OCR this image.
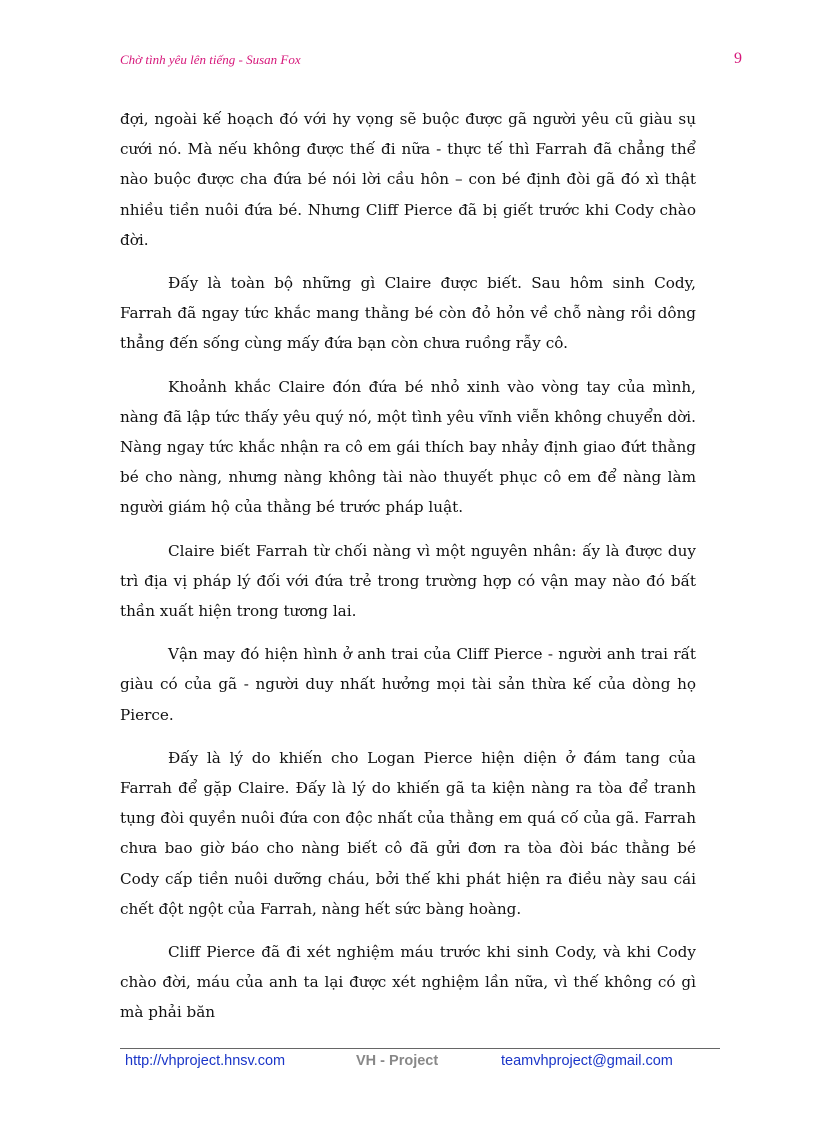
Chờ tình yêu lên tiếng - Susan Fox	9

đợi, ngoài kế hoạch đó với hy vọng sẽ buộc được gã người yêu cũ giàu sụ cưới nó. Mà nếu không được thế đi nữa - thực tế thì Farrah đã chẳng thể nào buộc được cha đứa bé nói lời cầu hôn – con bé định đòi gã đó xì thật nhiều tiền nuôi đứa bé. Nhưng Cliff Pierce đã bị giết trước khi Cody chào đời.

Đấy là toàn bộ những gì Claire được biết. Sau hôm sinh Cody, Farrah đã ngay tức khắc mang thằng bé còn đỏ hỏn về chỗ nàng rồi dông thẳng đến sống cùng mấy đứa bạn còn chưa ruồng rẫy cô.

Khoảnh khắc Claire đón đứa bé nhỏ xinh vào vòng tay của mình, nàng đã lập tức thấy yêu quý nó, một tình yêu vĩnh viễn không chuyển dời. Nàng ngay tức khắc nhận ra cô em gái thích bay nhảy định giao đứt thằng bé cho nàng, nhưng nàng không tài nào thuyết phục cô em để nàng làm người giám hộ của thằng bé trước pháp luật.

Claire biết Farrah từ chối nàng vì một nguyên nhân: ấy là được duy trì địa vị pháp lý đối với đứa trẻ trong trường hợp có vận may nào đó bất thần xuất hiện trong tương lai.

Vận may đó hiện hình ở anh trai của Cliff Pierce - người anh trai rất giàu có của gã - người duy nhất hưởng mọi tài sản thừa kế của dòng họ Pierce.

Đấy là lý do khiến cho Logan Pierce hiện diện ở đám tang của Farrah để gặp Claire. Đấy là lý do khiến gã ta kiện nàng ra tòa để tranh tụng đòi quyền nuôi đứa con độc nhất của thằng em quá cố của gã. Farrah chưa bao giờ báo cho nàng biết cô đã gửi đơn ra tòa đòi bác thằng bé Cody cấp tiền nuôi dưỡng cháu, bởi thế khi phát hiện ra điều này sau cái chết đột ngột của Farrah, nàng hết sức bàng hoàng.

Cliff Pierce đã đi xét nghiệm máu trước khi sinh Cody, và khi Cody chào đời, máu của anh ta lại được xét nghiệm lần nữa, vì thế không có gì mà phải băn

http://vhproject.hnsv.com	VH - Project	teamvhproject@gmail.com
